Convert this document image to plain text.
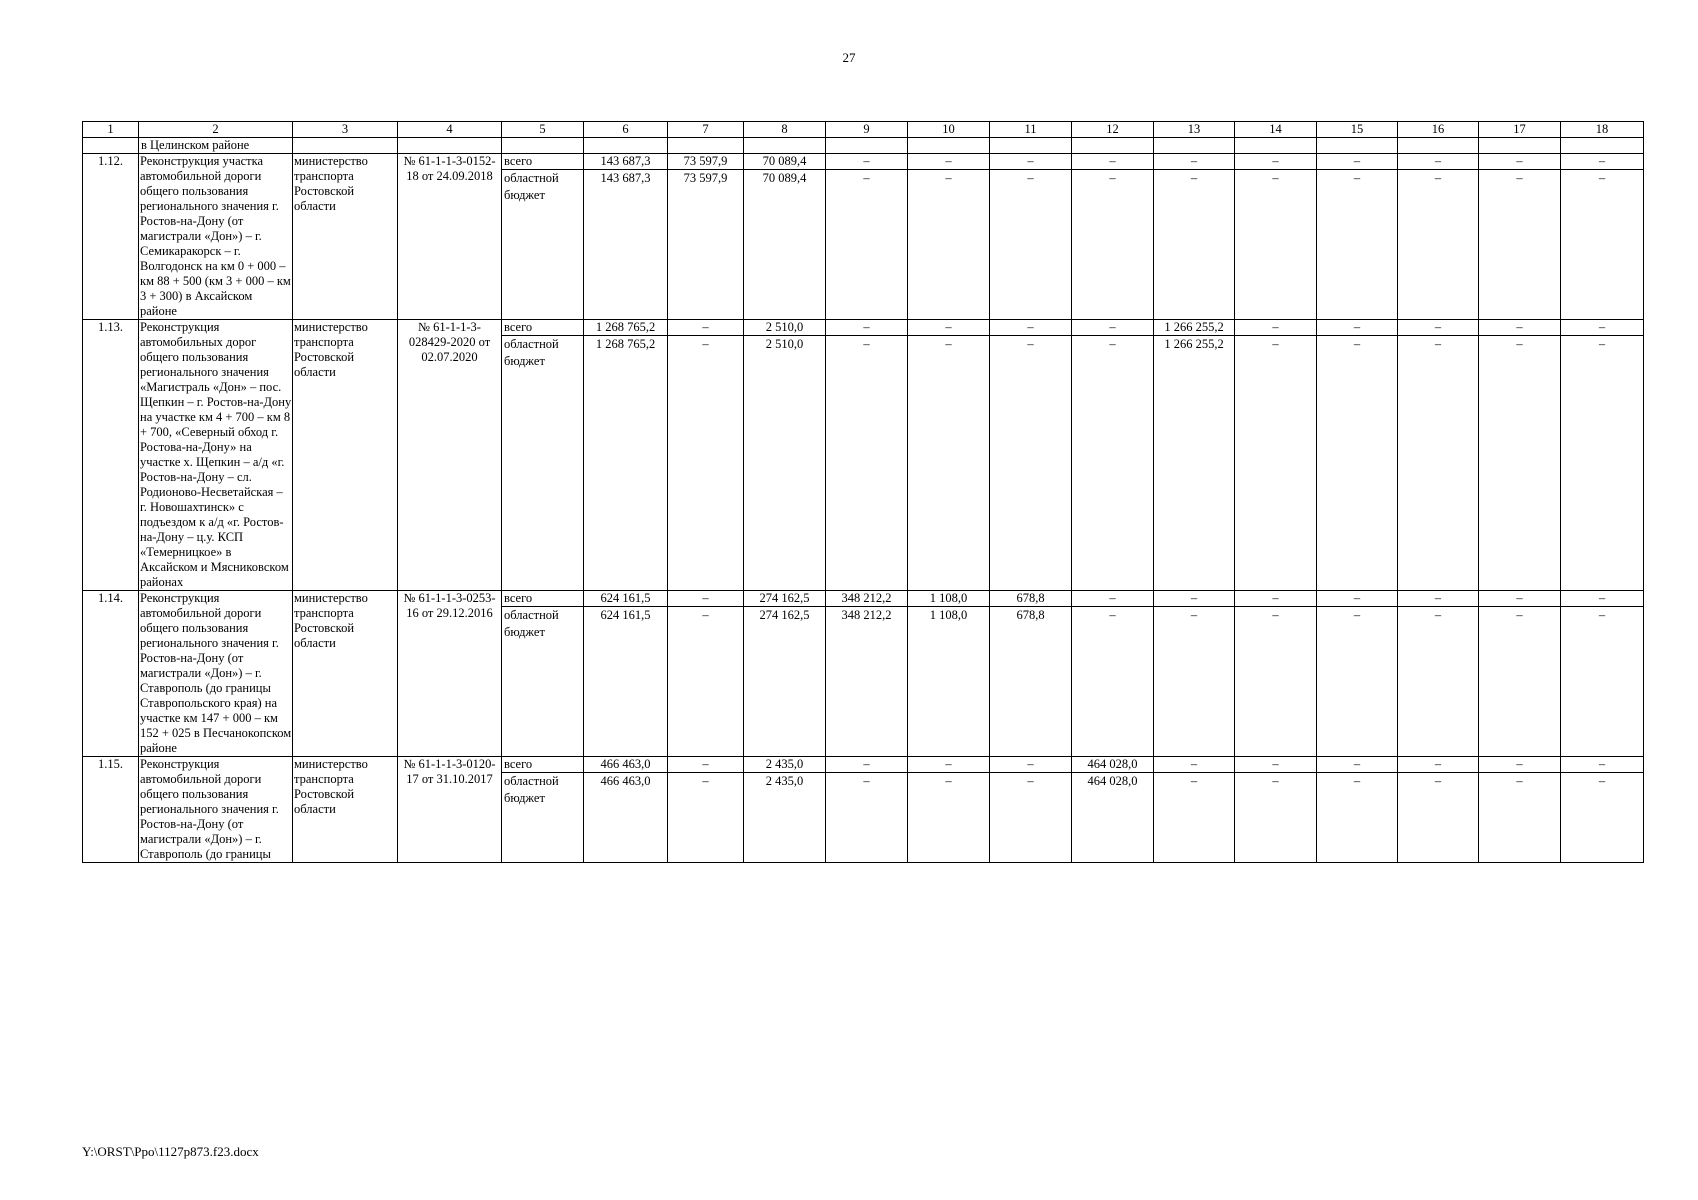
27
1	2	3	4	5	6	7	8	9	10	11	12	13	14	15	16	17	18
	в Целинском районе																
1.12.	Реконструкция участка автомобильной дороги общего пользования регионального значения г. Ростов-на-Дону (от магистрали «Дон») – г. Семикаракорск – г. Волгодонск на км 0 + 000 – км 88 + 500 (км 3 + 000 – км 3 + 300) в Аксайском районе	министерство транспорта Ростовской области	№ 61-1-1-3-0152-18 от 24.09.2018	всего	143 687,3	73 597,9	70 089,4	–	–	–	–	–	–	–	–	–	–
				областной бюджет	143 687,3	73 597,9	70 089,4	–	–	–	–	–	–	–	–	–	–
1.13.	Реконструкция автомобильных дорог общего пользования регионального значения «Магистраль «Дон» – пос. Щепкин – г. Ростов-на-Дону на участке км 4 + 700 – км 8 + 700, «Северный обход г. Ростова-на-Дону» на участке х. Щепкин – а/д «г. Ростов-на-Дону – сл. Родионово-Несветайская – г. Новошахтинск» с подъездом к а/д «г. Ростов-на-Дону – ц.у. КСП «Темерницкое» в Аксайском и Мясниковском районах	министерство транспорта Ростовской области	№ 61-1-1-3-028429-2020 от 02.07.2020	всего	1 268 765,2	–	2 510,0	–	–	–	–	1 266 255,2	–	–	–	–	–
				областной бюджет	1 268 765,2	–	2 510,0	–	–	–	–	1 266 255,2	–	–	–	–	–
1.14.	Реконструкция автомобильной дороги общего пользования регионального значения г. Ростов-на-Дону (от магистрали «Дон») – г. Ставрополь (до границы Ставропольского края) на участке км 147 + 000 – км 152 + 025 в Песчанокопском районе	министерство транспорта Ростовской области	№ 61-1-1-3-0253-16 от 29.12.2016	всего	624 161,5	–	274 162,5	348 212,2	1 108,0	678,8	–	–	–	–	–	–	–
				областной бюджет	624 161,5	–	274 162,5	348 212,2	1 108,0	678,8	–	–	–	–	–	–	–
1.15.	Реконструкция автомобильной дороги общего пользования регионального значения г. Ростов-на-Дону (от магистрали «Дон») – г. Ставрополь (до границы	министерство транспорта Ростовской области	№ 61-1-1-3-0120-17 от 31.10.2017	всего	466 463,0	–	2 435,0	–	–	–	464 028,0	–	–	–	–	–	–
				областной бюджет	466 463,0	–	2 435,0	–	–	–	464 028,0	–	–	–	–	–	–
Y:\ORST\Ppo\1127p873.f23.docx
